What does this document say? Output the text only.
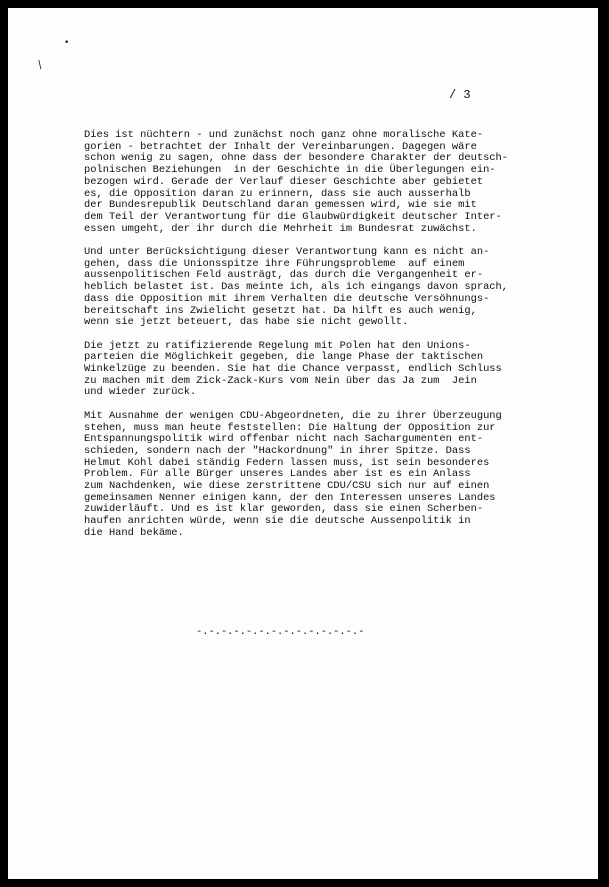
•
/
/ 3

Dies ist nüchtern - und zunächst noch ganz ohne moralische Kate-
gorien - betrachtet der Inhalt der Vereinbarungen. Dagegen wäre
schon wenig zu sagen, ohne dass der besondere Charakter der deutsch-
polnischen Beziehungen  in der Geschichte in die Überlegungen ein-
bezogen wird. Gerade der Verlauf dieser Geschichte aber gebietet
es, die Opposition daran zu erinnern, dass sie auch ausserhalb
der Bundesrepublik Deutschland daran gemessen wird, wie sie mit
dem Teil der Verantwortung für die Glaubwürdigkeit deutscher Inter-
essen umgeht, der ihr durch die Mehrheit im Bundesrat zuwächst.

Und unter Berücksichtigung dieser Verantwortung kann es nicht an-
gehen, dass die Unionsspitze ihre Führungsprobleme  auf einem
aussenpolitischen Feld austrägt, das durch die Vergangenheit er-
heblich belastet ist. Das meinte ich, als ich eingangs davon sprach,
dass die Opposition mit ihrem Verhalten die deutsche Versöhnungs-
bereitschaft ins Zwielicht gesetzt hat. Da hilft es auch wenig,
wenn sie jetzt beteuert, das habe sie nicht gewollt.

Die jetzt zu ratifizierende Regelung mit Polen hat den Unions-
parteien die Möglichkeit gegeben, die lange Phase der taktischen
Winkelzüge zu beenden. Sie hat die Chance verpasst, endlich Schluss
zu machen mit dem Zick-Zack-Kurs vom Nein über das Ja zum  Jein
und wieder zurück.

Mit Ausnahme der wenigen CDU-Abgeordneten, die zu ihrer Überzeugung
stehen, muss man heute feststellen: Die Haltung der Opposition zur
Entspannungspolitik wird offenbar nicht nach Sachargumenten ent-
schieden, sondern nach der "Hackordnung" in ihrer Spitze. Dass
Helmut Kohl dabei ständig Federn lassen muss, ist sein besonderes
Problem. Für alle Bürger unseres Landes aber ist es ein Anlass
zum Nachdenken, wie diese zerstrittene CDU/CSU sich nur auf einen
gemeinsamen Nenner einigen kann, der den Interessen unseres Landes
zuwiderläuft. Und es ist klar geworden, dass sie einen Scherben-
haufen anrichten würde, wenn sie die deutsche Aussenpolitik in
die Hand bekäme.

-.-.-.-.-.-.-.-.-.-.-.-.-.-
